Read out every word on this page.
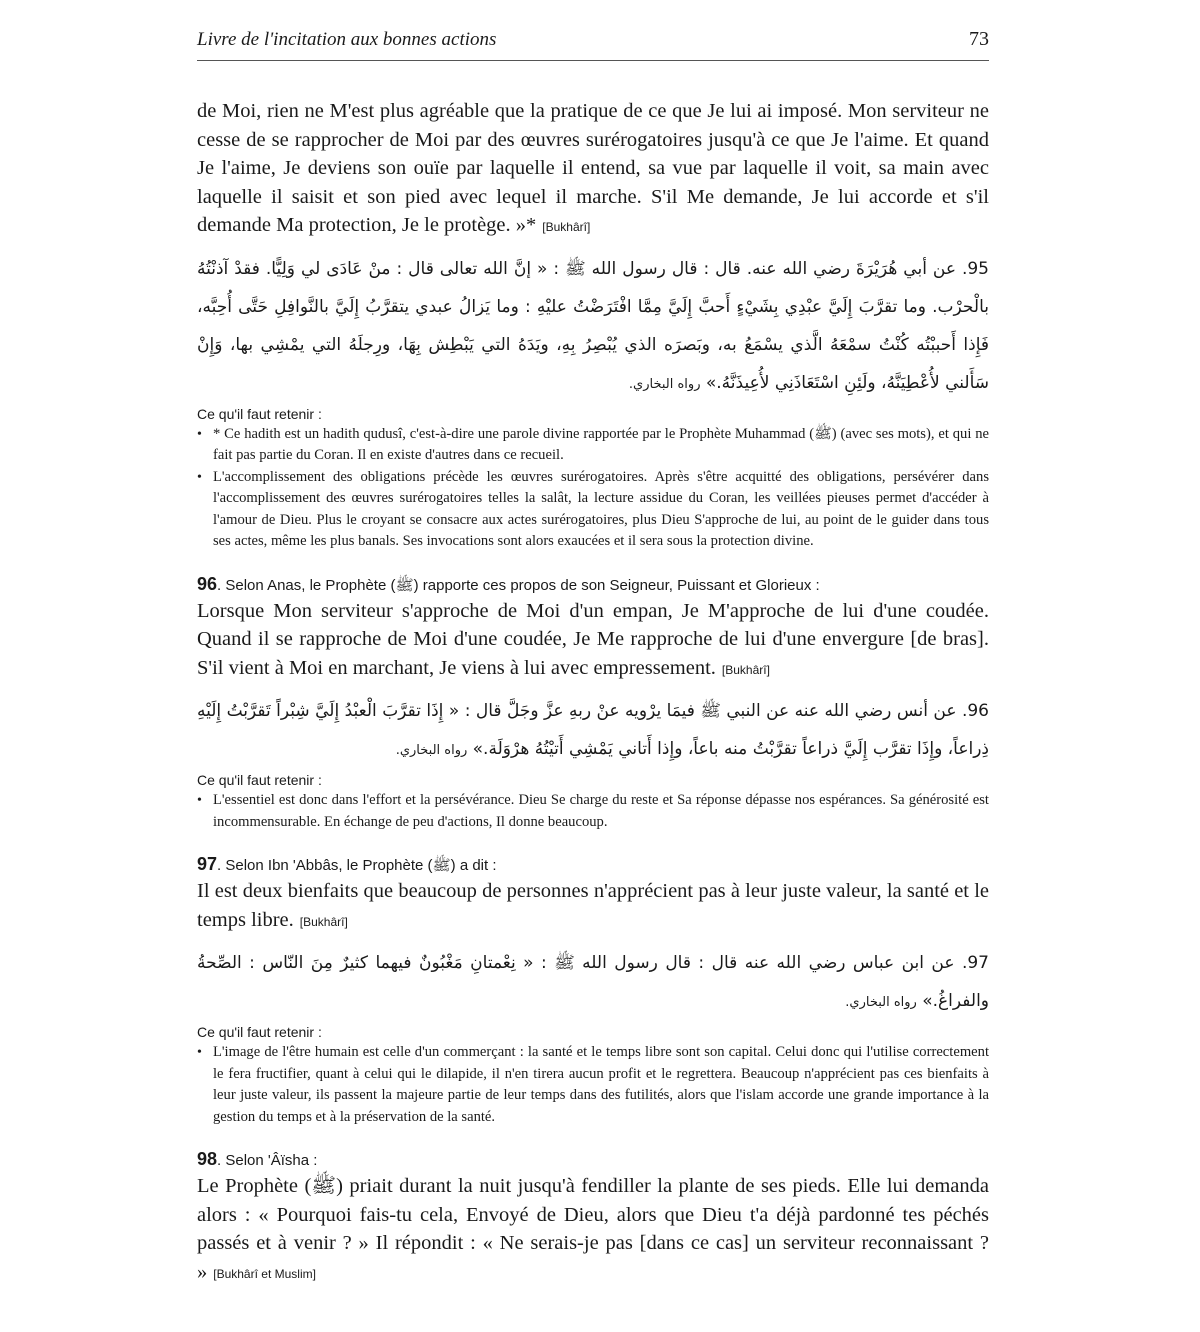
Livre de l'incitation aux bonnes actions	73

de Moi, rien ne M'est plus agréable que la pratique de ce que Je lui ai imposé. Mon serviteur ne cesse de se rapprocher de Moi par des œuvres surérogatoires jusqu'à ce que Je l'aime. Et quand Je l'aime, Je deviens son ouïe par laquelle il entend, sa vue par laquelle il voit, sa main avec laquelle il saisit et son pied avec lequel il marche. S'il Me demande, Je lui accorde et s'il demande Ma protection, Je le protège. »* [Bukhârî]

95. عن أبي هُرَيْرَةَ رضي الله عنه. قال : قال رسول الله ﷺ : « إنَّ الله تعالى قال : منْ عَادَى لي وَلِيًّا. فقدْ آذنْتُهُ بالْحرْب. وما تقرَّبَ إِلَيَّ عبْدِي بِشَيْءٍ أَحبَّ إِلَيَّ مِمَّا افْتَرَضْتُ عليْهِ : وما يَزالُ عبدي يتقرَّبُ إِلَيَّ بالنَّوافِلِ حَتَّى أُحِبَّه، فَإِذا أَحببْتُه كُنْتُ سمْعَهُ الَّذي يسْمَعُ به، وبَصرَه الذي يُبْصِرُ بِهِ، ويَدَهُ التي يَبْطِش بِهَا، ورِجلَهُ التي يمْشِي بها، وَإِنْ سَأَلني لأُعْطِيَنَّهُ، ولَئِنِ اسْتَعَاذَنِي لأُعِيذَنَّهُ.» رواه البخاري.

Ce qu'il faut retenir :
• * Ce hadith est un hadith qudusî, c'est-à-dire une parole divine rapportée par le Prophète Muhammad (ﷺ) (avec ses mots), et qui ne fait pas partie du Coran. Il en existe d'autres dans ce recueil.
• L'accomplissement des obligations précède les œuvres surérogatoires. Après s'être acquitté des obligations, persévérer dans l'accomplissement des œuvres surérogatoires telles la salât, la lecture assidue du Coran, les veillées pieuses permet d'accéder à l'amour de Dieu. Plus le croyant se consacre aux actes surérogatoires, plus Dieu S'approche de lui, au point de le guider dans tous ses actes, même les plus banals. Ses invocations sont alors exaucées et il sera sous la protection divine.

96. Selon Anas, le Prophète (ﷺ) rapporte ces propos de son Seigneur, Puissant et Glorieux :

Lorsque Mon serviteur s'approche de Moi d'un empan, Je M'approche de lui d'une coudée. Quand il se rapproche de Moi d'une coudée, Je Me rapproche de lui d'une envergure [de bras]. S'il vient à Moi en marchant, Je viens à lui avec empressement. [Bukhârî]

96. عن أنس رضي الله عنه عن النبي ﷺ فيمَا يرْويه عنْ ربهِ عزَّ وجَلَّ قال : « إِذَا تقرَّبَ الْعبْدُ إِلَيَّ شِبْراً تَقرَّبْتُ إِلَيْهِ ذِراعاً، وإِذَا تقرَّب إِلَيَّ ذراعاً تقرَّبْتُ منه باعاً، وإِذا أَتاني يَمْشِي أَتيْتُهُ هرْوَلَة.» رواه البخاري.

Ce qu'il faut retenir :
• L'essentiel est donc dans l'effort et la persévérance. Dieu Se charge du reste et Sa réponse dépasse nos espérances. Sa générosité est incommensurable. En échange de peu d'actions, Il donne beaucoup.

97. Selon Ibn 'Abbâs, le Prophète (ﷺ) a dit :

Il est deux bienfaits que beaucoup de personnes n'apprécient pas à leur juste valeur, la santé et le temps libre. [Bukhârî]

97. عن ابن عباس رضي الله عنه قال : قال رسول الله ﷺ : « نِعْمتانِ مَغْبُونٌ فيهما كثيرٌ مِنَ النّاس : الصِّحةُ والفراغُ.» رواه البخاري.

Ce qu'il faut retenir :
• L'image de l'être humain est celle d'un commerçant : la santé et le temps libre sont son capital. Celui donc qui l'utilise correctement le fera fructifier, quant à celui qui le dilapide, il n'en tirera aucun profit et le regrettera. Beaucoup n'apprécient pas ces bienfaits à leur juste valeur, ils passent la majeure partie de leur temps dans des futilités, alors que l'islam accorde une grande importance à la gestion du temps et à la préservation de la santé.

98. Selon 'Âïsha :

Le Prophète (ﷺ) priait durant la nuit jusqu'à fendiller la plante de ses pieds. Elle lui demanda alors : « Pourquoi fais-tu cela, Envoyé de Dieu, alors que Dieu t'a déjà pardonné tes péchés passés et à venir ? » Il répondit : « Ne serais-je pas [dans ce cas] un serviteur reconnaissant ? » [Bukhârî et Muslim]
